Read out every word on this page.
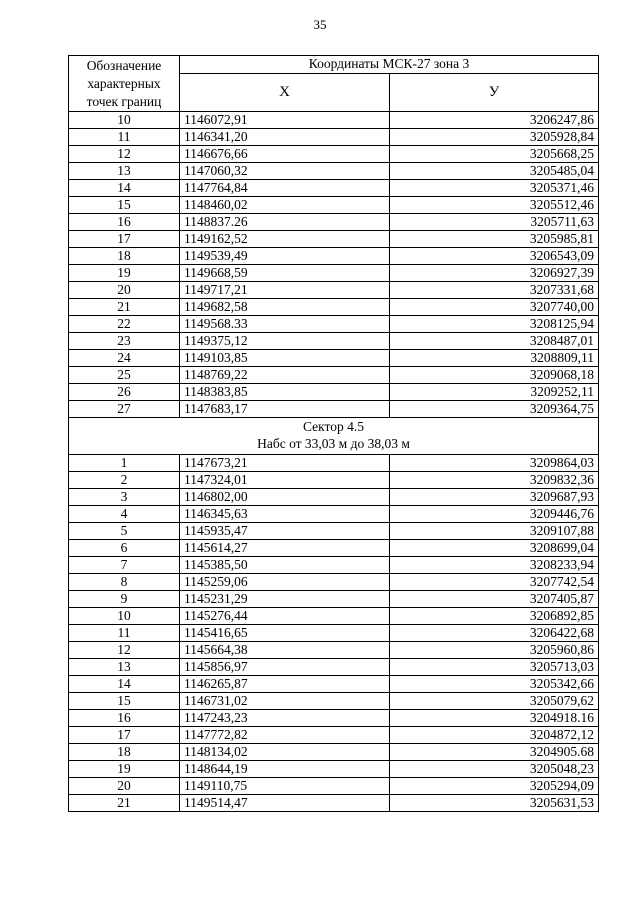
35
Обозначение характерных точек границ	Координаты МСК-27 зона 3	
	Х	У
10	1146072,91	3206247,86
11	1146341,20	3205928,84
12	1146676,66	3205668,25
13	1147060,32	3205485,04
14	1147764,84	3205371,46
15	1148460,02	3205512,46
16	1148837.26	3205711,63
17	1149162,52	3205985,81
18	1149539,49	3206543,09
19	1149668,59	3206927,39
20	1149717,21	3207331,68
21	1149682,58	3207740,00
22	1149568.33	3208125,94
23	1149375,12	3208487,01
24	1149103,85	3208809,11
25	1148769,22	3209068,18
26	1148383,85	3209252,11
27	1147683,17	3209364,75

Сектор 4.5
Набс от 33,03 м до 38,03 м		

1	1147673,21	3209864,03
2	1147324,01	3209832,36
3	1146802,00	3209687,93
4	1146345,63	3209446,76
5	1145935,47	3209107,88
6	1145614,27	3208699,04
7	1145385,50	3208233,94
8	1145259,06	3207742,54
9	1145231,29	3207405,87
10	1145276,44	3206892,85
11	1145416,65	3206422,68
12	1145664,38	3205960,86
13	1145856,97	3205713,03
14	1146265,87	3205342,66
15	1146731,02	3205079,62
16	1147243,23	3204918.16
17	1147772,82	3204872,12
18	1148134,02	3204905.68
19	1148644,19	3205048,23
20	1149110,75	3205294,09
21	1149514,47	3205631,53
